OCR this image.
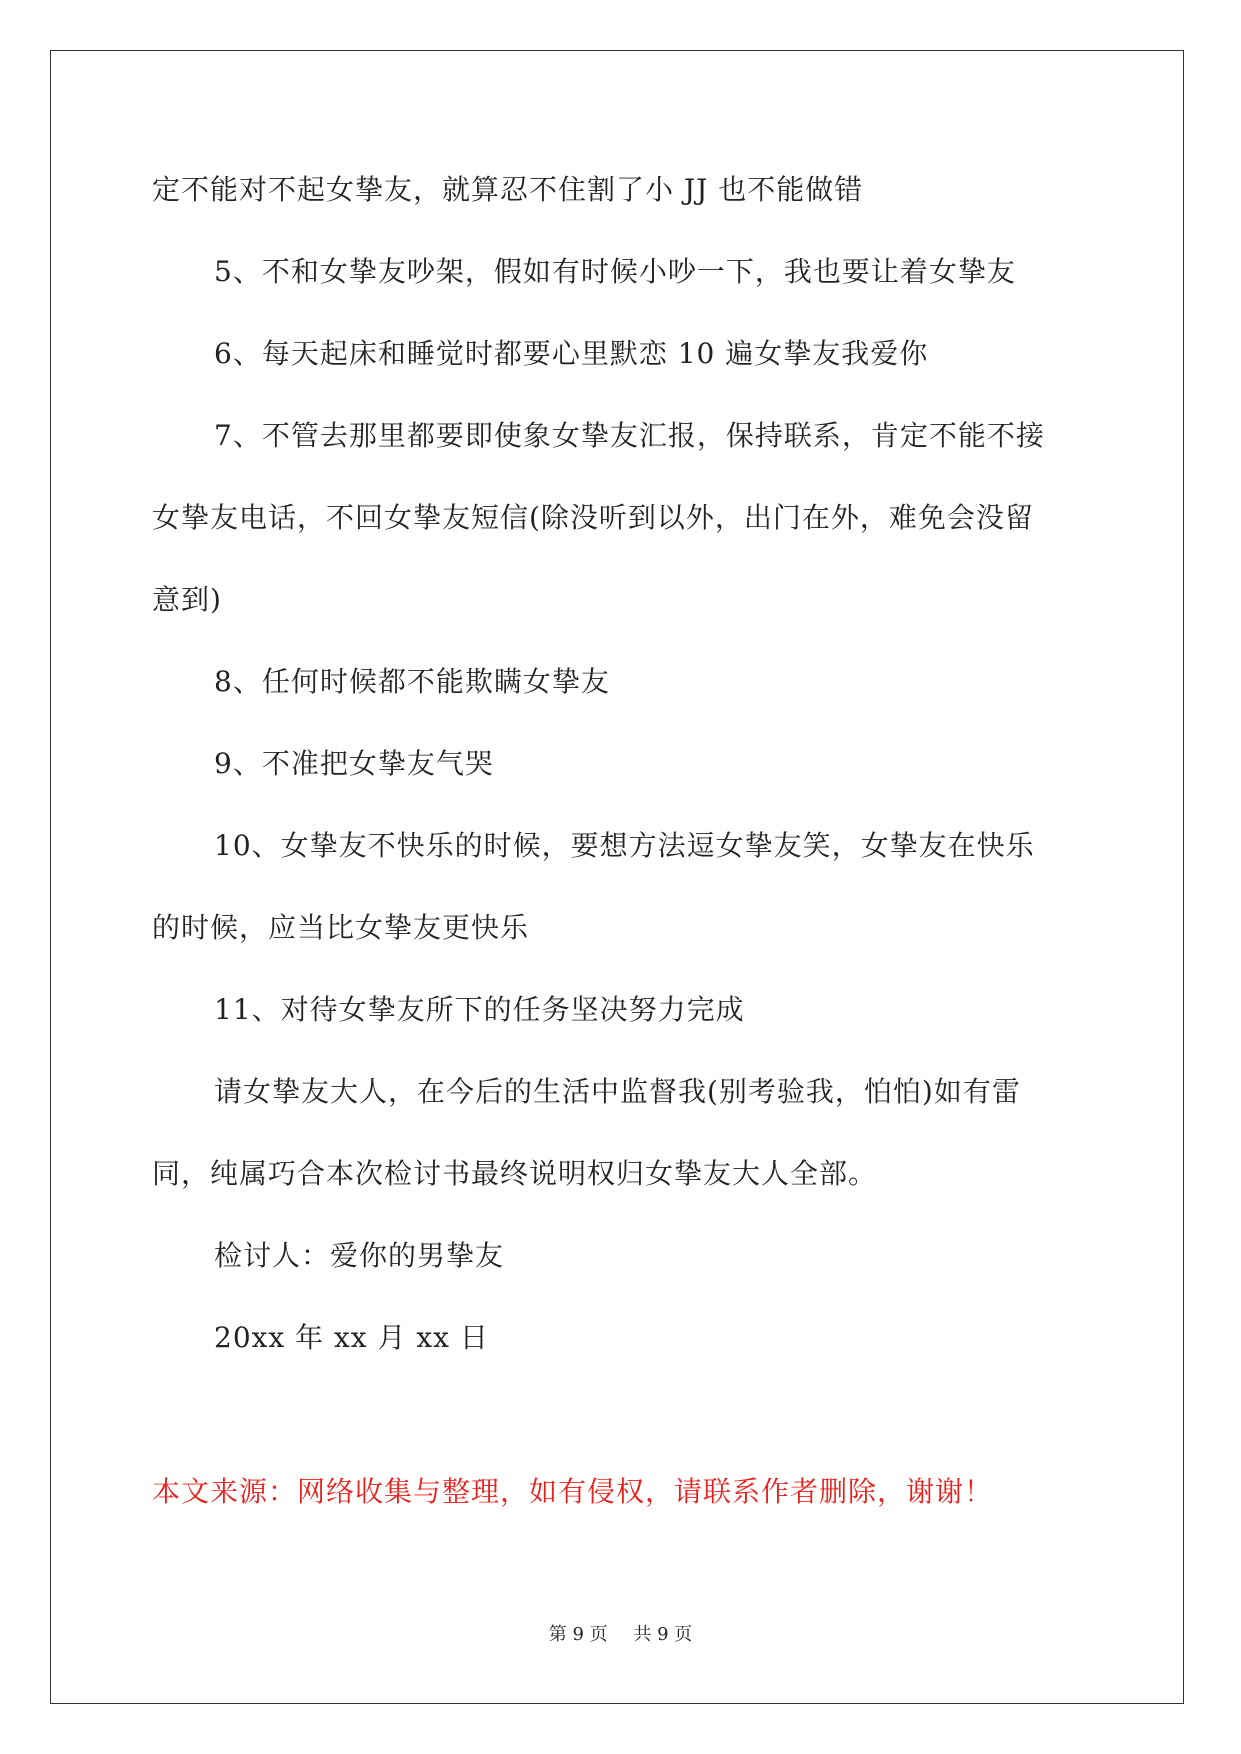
定不能对不起女挚友，就算忍不住割了小 JJ 也不能做错
5、不和女挚友吵架，假如有时候小吵一下，我也要让着女挚友
6、每天起床和睡觉时都要心里默恋 10 遍女挚友我爱你
7、不管去那里都要即使象女挚友汇报，保持联系，肯定不能不接
女挚友电话，不回女挚友短信(除没听到以外，出门在外，难免会没留
意到)
8、任何时候都不能欺瞒女挚友
9、不准把女挚友气哭
10、女挚友不快乐的时候，要想方法逗女挚友笑，女挚友在快乐
的时候，应当比女挚友更快乐
11、对待女挚友所下的任务坚决努力完成
请女挚友大人，在今后的生活中监督我(别考验我，怕怕)如有雷
同，纯属巧合本次检讨书最终说明权归女挚友大人全部。
检讨人：爱你的男挚友
20xx 年 xx 月 xx 日
本文来源：网络收集与整理，如有侵权，请联系作者删除，谢谢！
第 9 页 共 9 页
